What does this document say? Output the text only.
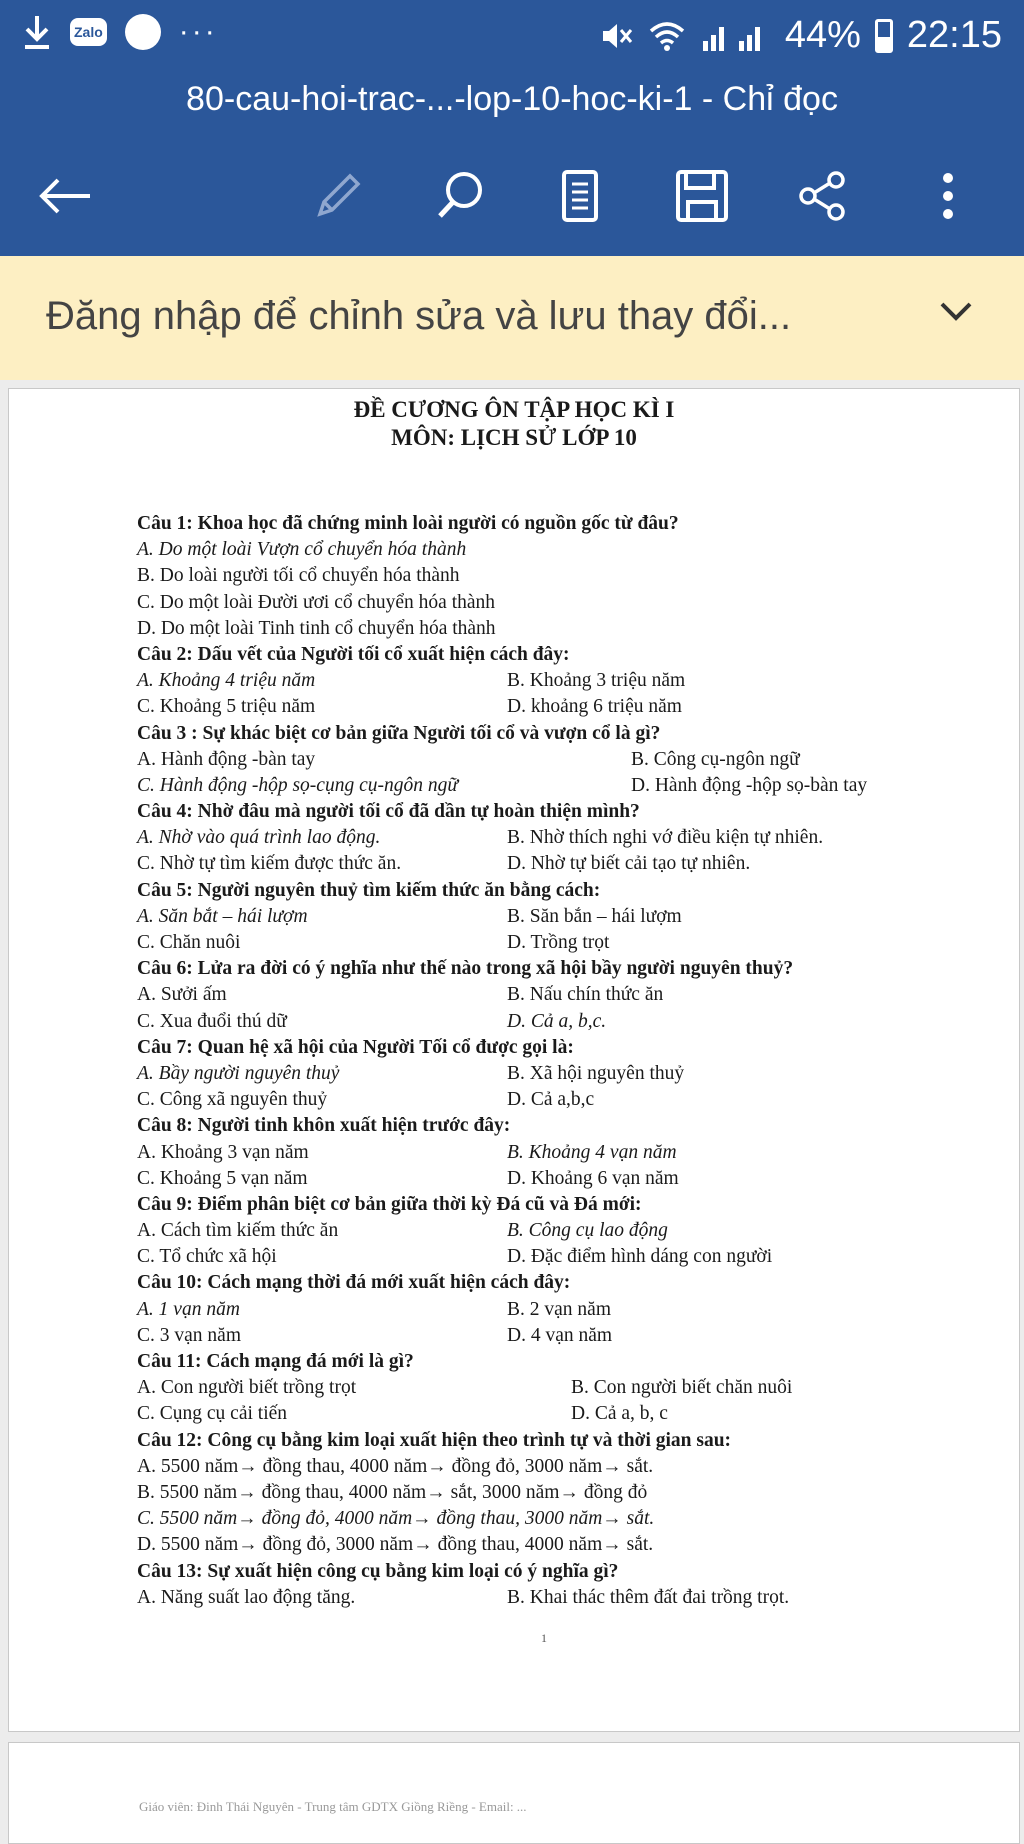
Zalo	···	44% 22:15
80-cau-hoi-trac-...-lop-10-hoc-ki-1 - Chỉ đọc
Đăng nhập để chỉnh sửa và lưu thay đổi...
ĐỀ CƯƠNG ÔN TẬP HỌC KÌ I
MÔN: LỊCH SỬ LỚP 10
Câu 1: Khoa học đã chứng minh loài người có nguồn gốc từ đâu?
A. Do một loài Vượn cổ chuyển hóa thành
B. Do loài người tối cổ chuyển hóa thành
C. Do một loài Đười ươi cổ chuyển hóa thành
D. Do một loài Tinh tinh cổ chuyển hóa thành
Câu 2: Dấu vết của Người tối cổ xuất hiện cách đây:
A. Khoảng 4 triệu năm	B. Khoảng 3 triệu năm
C. Khoảng 5 triệu năm	D. khoảng 6 triệu năm
Câu 3 : Sự khác biệt cơ bản giữa Người tối cổ và vượn cổ là gì?
A. Hành động -bàn tay	B. Công cụ-ngôn ngữ
C. Hành động -hộp sọ-cụng cụ-ngôn ngữ	D. Hành động -hộp sọ-bàn tay
Câu 4: Nhờ đâu mà người tối cổ đã dần tự hoàn thiện mình?
A. Nhờ vào quá trình lao động.	B. Nhờ thích nghi vớ điều kiện tự nhiên.
C. Nhờ tự tìm kiếm được thức ăn.	D. Nhờ tự biết cải tạo tự nhiên.
Câu 5: Người nguyên thuỷ tìm kiếm thức ăn bằng cách:
A. Săn bắt – hái lượm	B. Săn bắn – hái lượm
C. Chăn nuôi	D. Trồng trọt
Câu 6: Lửa ra đời có ý nghĩa như thế nào trong xã hội bầy người nguyên thuỷ?
A. Sưởi ấm	B. Nấu chín thức ăn
C. Xua đuổi thú dữ	D. Cả a, b,c.
Câu 7: Quan hệ xã hội của Người Tối cổ được gọi là:
A. Bầy người nguyên thuỷ	B. Xã hội nguyên thuỷ
C. Công xã nguyên thuỷ	D. Cả a,b,c
Câu 8: Người tinh khôn xuất hiện trước đây:
A. Khoảng 3 vạn năm	B. Khoảng 4 vạn năm
C. Khoảng 5 vạn năm	D. Khoảng 6 vạn năm
Câu 9: Điểm phân biệt cơ bản giữa thời kỳ Đá cũ và Đá mới:
A. Cách tìm kiếm thức ăn	B. Công cụ lao động
C. Tổ chức xã hội	D. Đặc điểm hình dáng con người
Câu 10: Cách mạng thời đá mới xuất hiện cách đây:
A. 1 vạn năm	B. 2 vạn năm
C. 3 vạn năm	D. 4 vạn năm
Câu 11: Cách mạng đá mới là gì?
A. Con người biết trồng trọt	B. Con người biết chăn nuôi
C. Cụng cụ cải tiến	D. Cả a, b, c
Câu 12: Công cụ bằng kim loại xuất hiện theo trình tự và thời gian sau:
A. 5500 năm→ đồng thau, 4000 năm→ đồng đỏ, 3000 năm→ sắt.
B. 5500 năm→ đồng thau, 4000 năm→ sắt, 3000 năm→ đồng đỏ
C. 5500 năm→ đồng đỏ, 4000 năm→ đồng thau, 3000 năm→ sắt.
D. 5500 năm→ đồng đỏ, 3000 năm→ đồng thau, 4000 năm→ sắt.
Câu 13: Sự xuất hiện công cụ bằng kim loại có ý nghĩa gì?
A. Năng suất lao động tăng.	B. Khai thác thêm đất đai trồng trọt.
1
Giáo viên: Đinh Thái Nguyên - Trung tâm GDTX Giồng Riềng - Email: ...
